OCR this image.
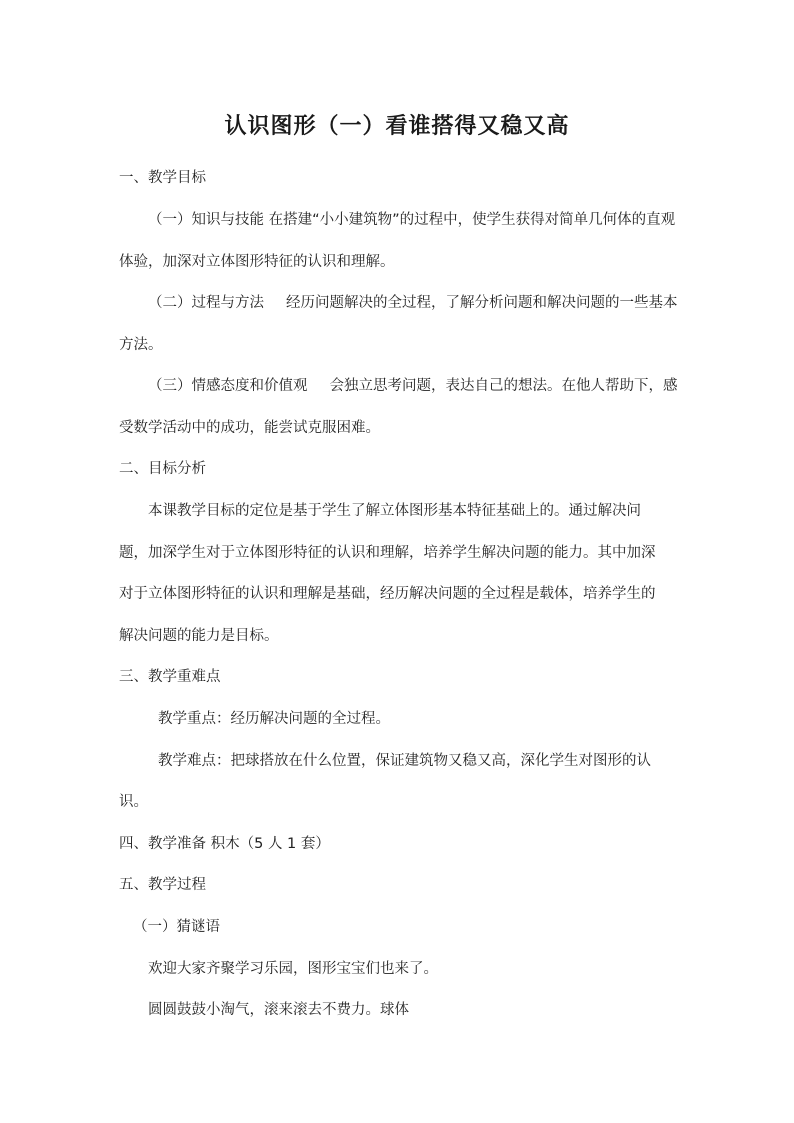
认识图形（一）看谁搭得又稳又高
一、教学目标
（一）知识与技能 在搭建“小小建筑物”的过程中，使学生获得对简单几何体的直观
体验，加深对立体图形特征的认识和理解。
（二）过程与方法 经历问题解决的全过程，了解分析问题和解决问题的一些基本
方法。
（三）情感态度和价值观 会独立思考问题，表达自己的想法。在他人帮助下，感
受数学活动中的成功，能尝试克服困难。
二、目标分析
本课教学目标的定位是基于学生了解立体图形基本特征基础上的。通过解决问
题，加深学生对于立体图形特征的认识和理解，培养学生解决问题的能力。其中加深
对于立体图形特征的认识和理解是基础，经历解决问题的全过程是载体，培养学生的
解决问题的能力是目标。
三、教学重难点
教学重点：经历解决问题的全过程。
教学难点：把球搭放在什么位置，保证建筑物又稳又高，深化学生对图形的认
识。
四、教学准备 积木（5 人 1 套）
五、教学过程
（一）猜谜语
欢迎大家齐聚学习乐园，图形宝宝们也来了。
圆圆鼓鼓小淘气，滚来滚去不费力。球体
